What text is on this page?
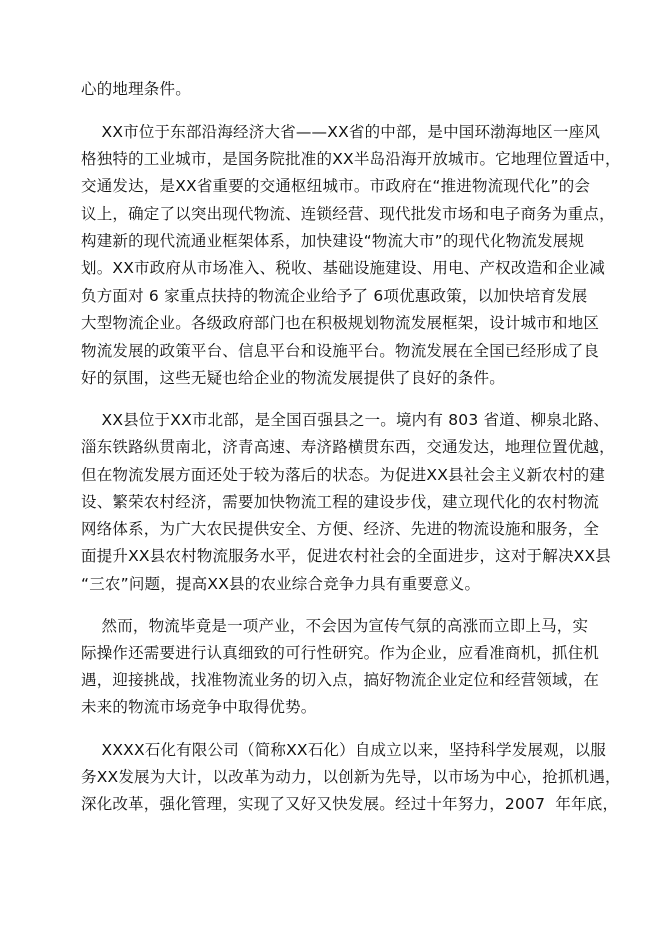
心的地理条件。
XX市位于东部沿海经济大省——XX省的中部，是中国环渤海地区一座风
格独特的工业城市，是国务院批准的XX半岛沿海开放城市。它地理位置适中，
交通发达，是XX省重要的交通枢纽城市。市政府在“推进物流现代化”的会
议上，确定了以突出现代物流、连锁经营、现代批发市场和电子商务为重点，
构建新的现代流通业框架体系，加快建设“物流大市”的现代化物流发展规
划。XX市政府从市场准入、税收、基础设施建设、用电、产权改造和企业减
负方面对 6 家重点扶持的物流企业给予了 6项优惠政策，以加快培育发展
大型物流企业。各级政府部门也在积极规划物流发展框架，设计城市和地区
物流发展的政策平台、信息平台和设施平台。物流发展在全国已经形成了良
好的氛围，这些无疑也给企业的物流发展提供了良好的条件。
XX县位于XX市北部，是全国百强县之一。境内有 803 省道、柳泉北路、
淄东铁路纵贯南北，济青高速、寿济路横贯东西，交通发达，地理位置优越，
但在物流发展方面还处于较为落后的状态。为促进XX县社会主义新农村的建
设、繁荣农村经济，需要加快物流工程的建设步伐，建立现代化的农村物流
网络体系，为广大农民提供安全、方便、经济、先进的物流设施和服务，全
面提升XX县农村物流服务水平，促进农村社会的全面进步，这对于解决XX县
“三农”问题，提高XX县的农业综合竞争力具有重要意义。
然而，物流毕竟是一项产业，不会因为宣传气氛的高涨而立即上马，实
际操作还需要进行认真细致的可行性研究。作为企业，应看准商机，抓住机
遇，迎接挑战，找准物流业务的切入点，搞好物流企业定位和经营领域，在
未来的物流市场竞争中取得优势。
XXXX石化有限公司（简称XX石化）自成立以来，坚持科学发展观，以服
务XX发展为大计，以改革为动力，以创新为先导，以市场为中心，抢抓机遇，
深化改革，强化管理，实现了又好又快发展。经过十年努力，2007  年年底，
